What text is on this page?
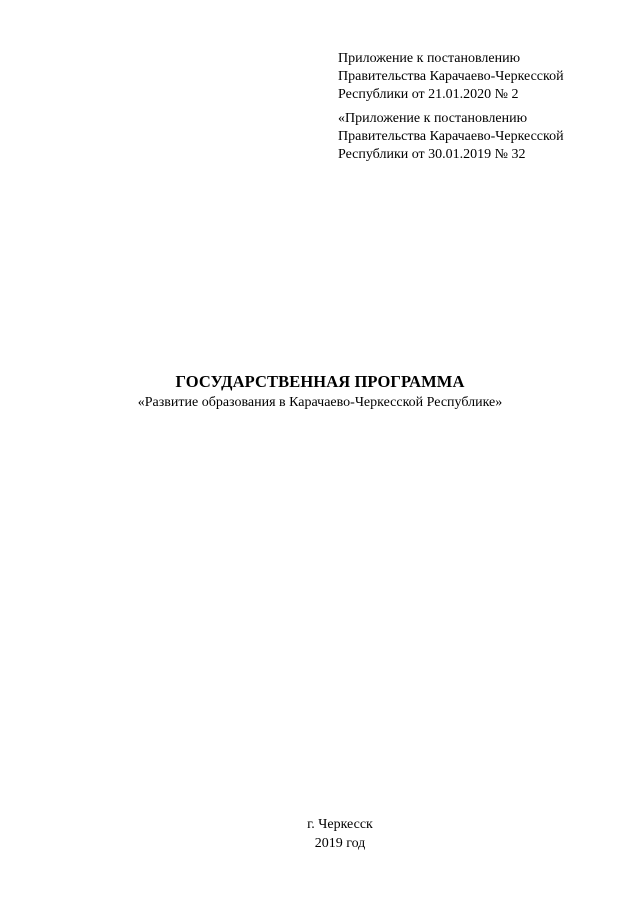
Приложение к постановлению
Правительства Карачаево-Черкесской
Республики от 21.01.2020 № 2
«Приложение к постановлению
Правительства Карачаево-Черкесской
Республики от 30.01.2019 № 32
ГОСУДАРСТВЕННАЯ ПРОГРАММА
«Развитие образования в Карачаево-Черкесской Республике»
г. Черкесск
2019 год
